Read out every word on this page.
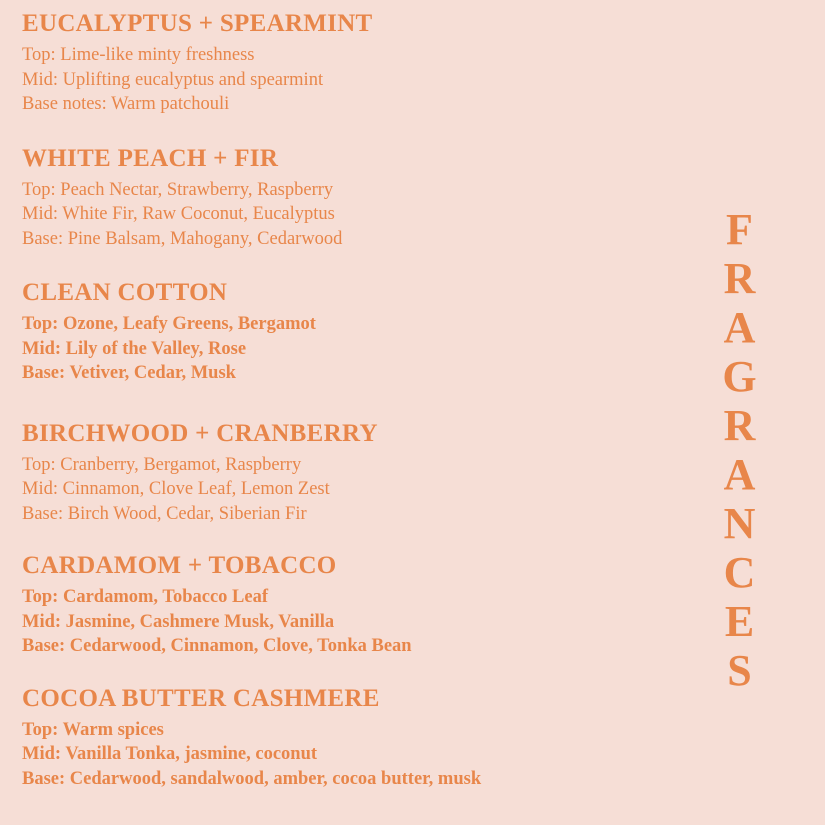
EUCALYPTUS + SPEARMINT

Top: Lime-like minty freshness

Mid: Uplifting eucalyptus and spearmint

Base notes: Warm patchouli

WHITE PEACH + FIR

Top: Peach Nectar, Strawberry, Raspberry

Mid: White Fir, Raw Coconut, Eucalyptus

Base: Pine Balsam, Mahogany, Cedarwood

CLEAN COTTON

Top: Ozone, Leafy Greens, Bergamot

Mid: Lily of the Valley, Rose

Base: Vetiver, Cedar, Musk

BIRCHWOOD + CRANBERRY

Top: Cranberry, Bergamot, Raspberry

Mid: Cinnamon, Clove Leaf, Lemon Zest

Base: Birch Wood, Cedar, Siberian Fir

CARDAMOM + TOBACCO

Top: Cardamom, Tobacco Leaf

Mid: Jasmine, Cashmere Musk, Vanilla

Base: Cedarwood, Cinnamon, Clove, Tonka Bean

COCOA BUTTER CASHMERE

Top: Warm spices

Mid: Vanilla Tonka, jasmine, coconut

Base: Cedarwood, sandalwood, amber, cocoa butter, musk

F
R
A
G
R
A
N
C
E
S
